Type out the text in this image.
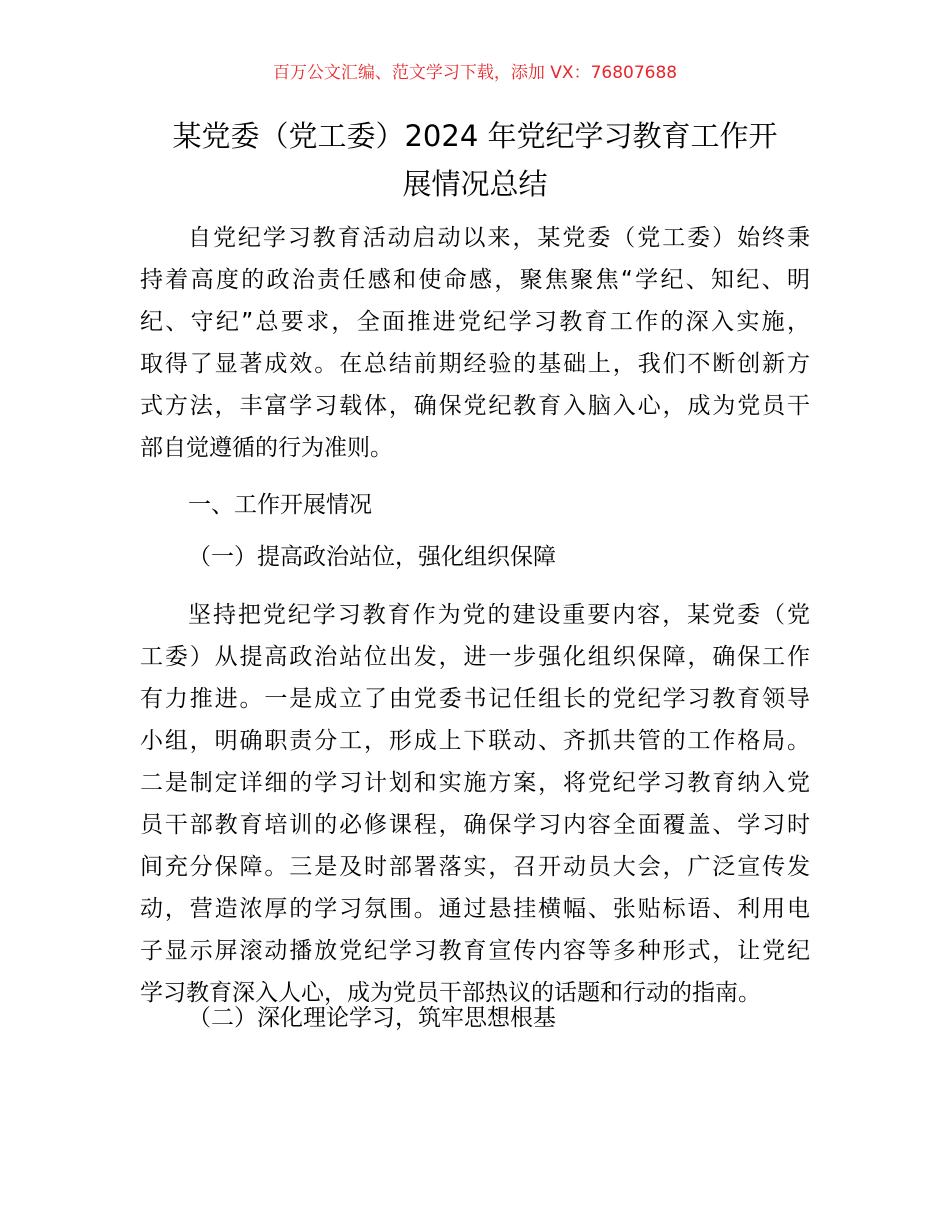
百万公文汇编、范文学习下载，添加 VX：76807688
某党委（党工委）2024 年党纪学习教育工作开
展情况总结
自党纪学习教育活动启动以来，某党委（党工委）始终秉
持着高度的政治责任感和使命感，聚焦聚焦“学纪、知纪、明
纪、守纪”总要求，全面推进党纪学习教育工作的深入实施，
取得了显著成效。在总结前期经验的基础上，我们不断创新方
式方法，丰富学习载体，确保党纪教育入脑入心，成为党员干
部自觉遵循的行为准则。
一、工作开展情况
（一）提高政治站位，强化组织保障
坚持把党纪学习教育作为党的建设重要内容，某党委（党
工委）从提高政治站位出发，进一步强化组织保障，确保工作
有力推进。一是成立了由党委书记任组长的党纪学习教育领导
小组，明确职责分工，形成上下联动、齐抓共管的工作格局。
二是制定详细的学习计划和实施方案，将党纪学习教育纳入党
员干部教育培训的必修课程，确保学习内容全面覆盖、学习时
间充分保障。三是及时部署落实，召开动员大会，广泛宣传发
动，营造浓厚的学习氛围。通过悬挂横幅、张贴标语、利用电
子显示屏滚动播放党纪学习教育宣传内容等多种形式，让党纪
学习教育深入人心，成为党员干部热议的话题和行动的指南。
（二）深化理论学习，筑牢思想根基
